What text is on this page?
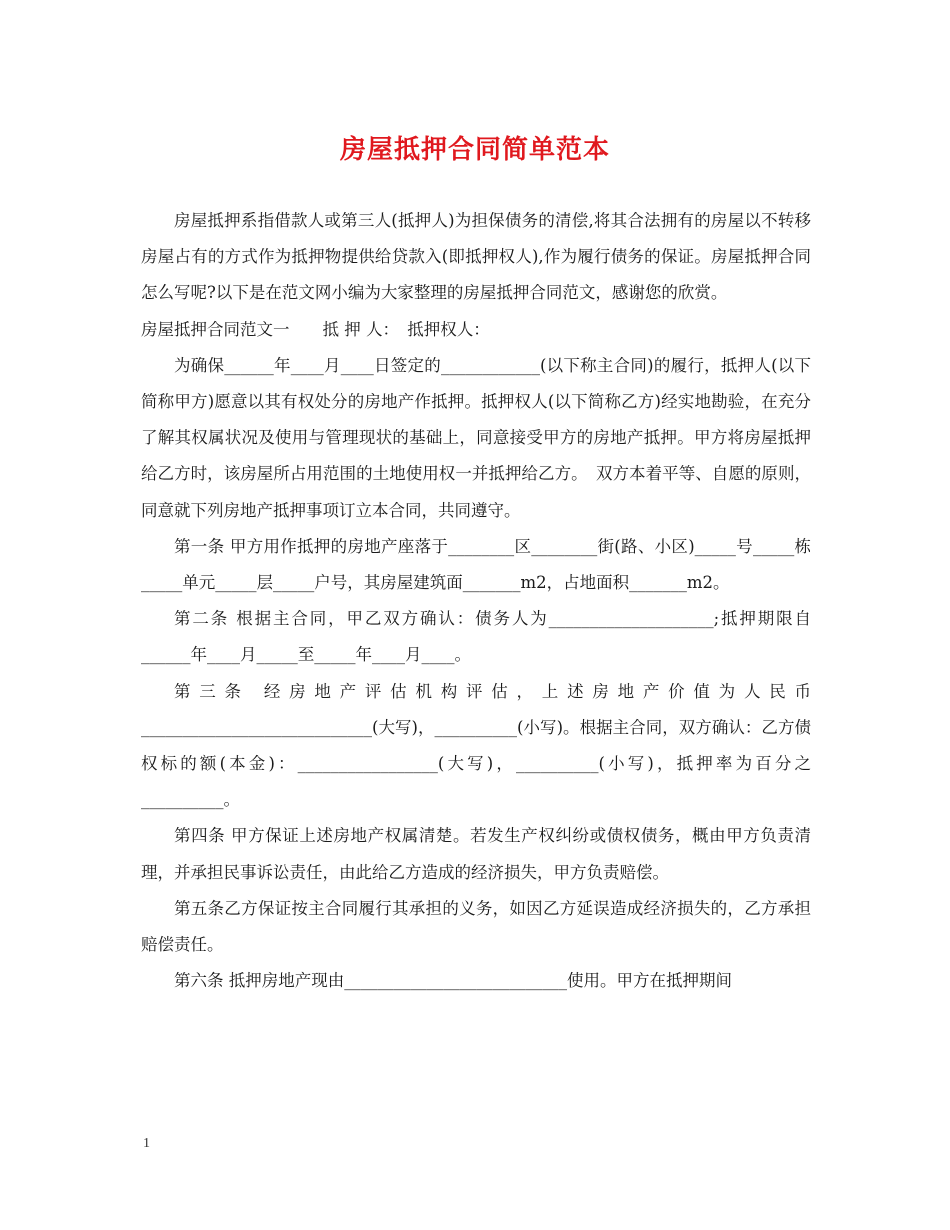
房屋抵押合同简单范本

房屋抵押系指借款人或第三人(抵押人)为担保债务的清偿,将其合法拥有的房屋以不转移房屋占有的方式作为抵押物提供给贷款入(即抵押权人),作为履行债务的保证。房屋抵押合同怎么写呢?以下是在范文网小编为大家整理的房屋抵押合同范文，感谢您的欣赏。

房屋抵押合同范文一　　抵 押 人：　抵押权人：

为确保______年____月____日签定的____________(以下称主合同)的履行，抵押人(以下简称甲方)愿意以其有权处分的房地产作抵押。抵押权人(以下简称乙方)经实地勘验，在充分了解其权属状况及使用与管理现状的基础上，同意接受甲方的房地产抵押。甲方将房屋抵押给乙方时，该房屋所占用范围的土地使用权一并抵押给乙方。　双方本着平等、自愿的原则，同意就下列房地产抵押事项订立本合同，共同遵守。

第一条 甲方用作抵押的房地产座落于________区________街(路、小区)_____号_____栋_____单元_____层_____户号，其房屋建筑面_______m2，占地面积_______m2。

第二条 根据主合同，甲乙双方确认：债务人为____________________;抵押期限自______年____月_____至_____年____月____。

第三条 经房地产评估机构评估，上述房地产价值为人民币____________________________(大写)，__________(小写)。根据主合同，双方确认：乙方债权标的额(本金)：_________________(大写)，__________(小写)，抵押率为百分之__________。

第四条 甲方保证上述房地产权属清楚。若发生产权纠纷或债权债务，概由甲方负责清理，并承担民事诉讼责任，由此给乙方造成的经济损失，甲方负责赔偿。

第五条乙方保证按主合同履行其承担的义务，如因乙方延误造成经济损失的，乙方承担赔偿责任。

第六条 抵押房地产现由___________________________使用。甲方在抵押期间

1
